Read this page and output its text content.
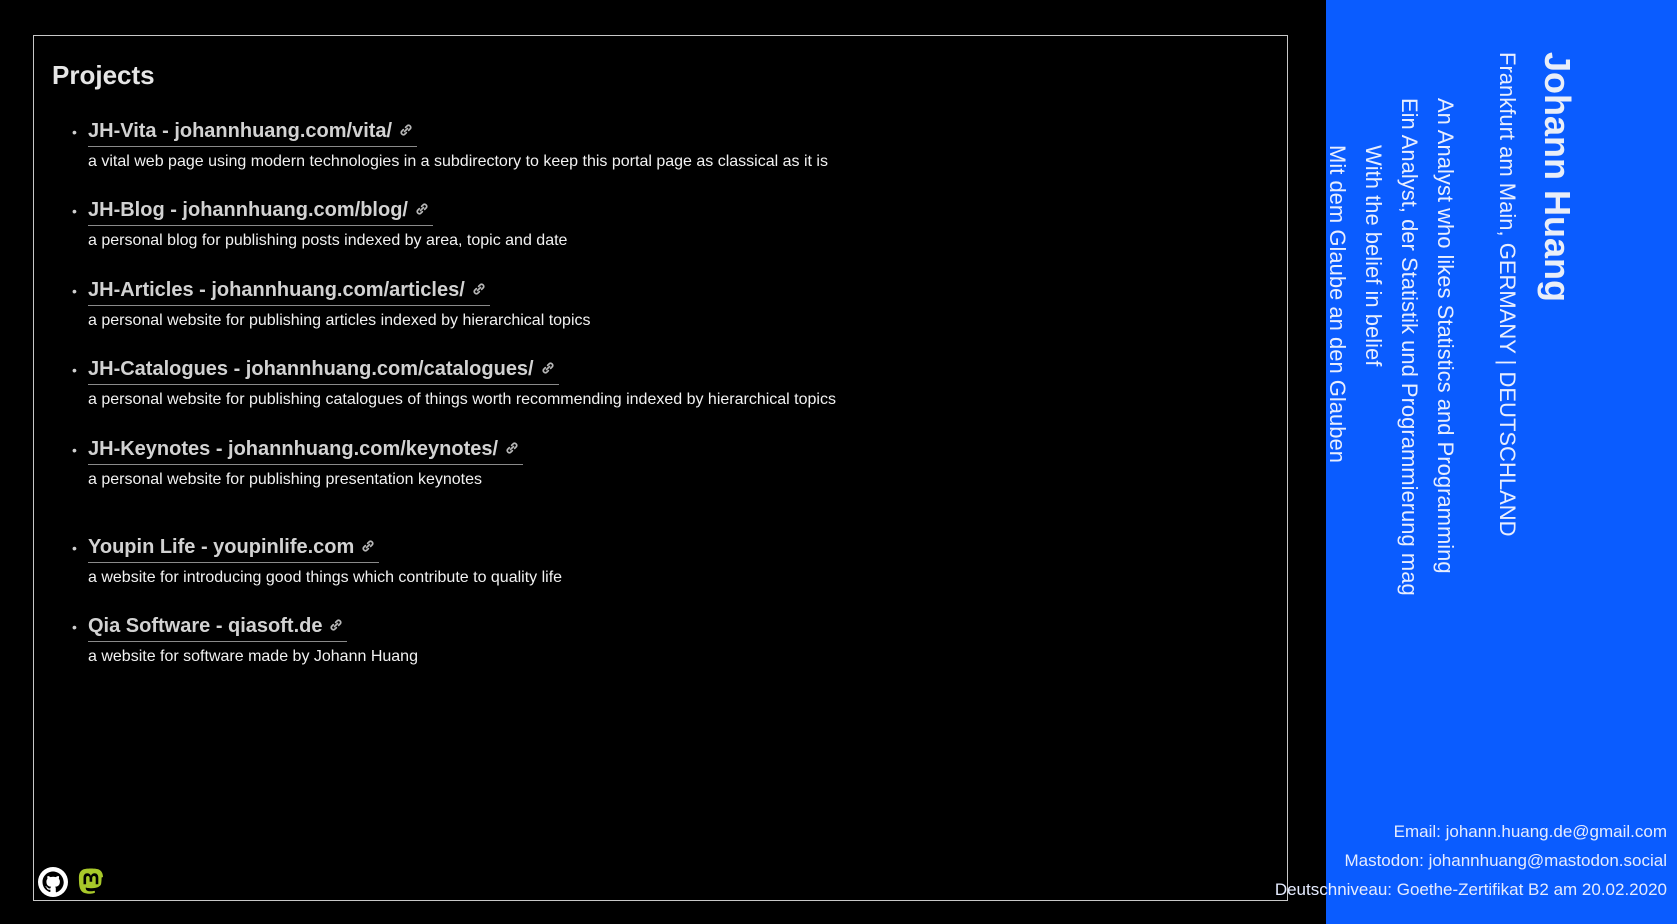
Projects
• JH-Vita - johannhuang.com/vita/
a vital web page using modern technologies in a subdirectory to keep this portal page as classical as it is
• JH-Blog - johannhuang.com/blog/
a personal blog for publishing posts indexed by area, topic and date
• JH-Articles - johannhuang.com/articles/
a personal website for publishing articles indexed by hierarchical topics
• JH-Catalogues - johannhuang.com/catalogues/
a personal website for publishing catalogues of things worth recommending indexed by hierarchical topics
• JH-Keynotes - johannhuang.com/keynotes/
a personal website for publishing presentation keynotes
• Youpin Life - youpinlife.com
a website for introducing good things which contribute to quality life
• Qia Software - qiasoft.de
a website for software made by Johann Huang
Johann Huang
Frankfurt am Main, GERMANY | DEUTSCHLAND
An Analyst who likes Statistics and Programming
Ein Analyst, der Statistik und Programmierung mag
With the belief in belief
Mit dem Glaube an den Glauben
Email: johann.huang.de@gmail.com
Mastodon: johannhuang@mastodon.social
Deutschniveau: Goethe-Zertifikat B2 am 20.02.2020
